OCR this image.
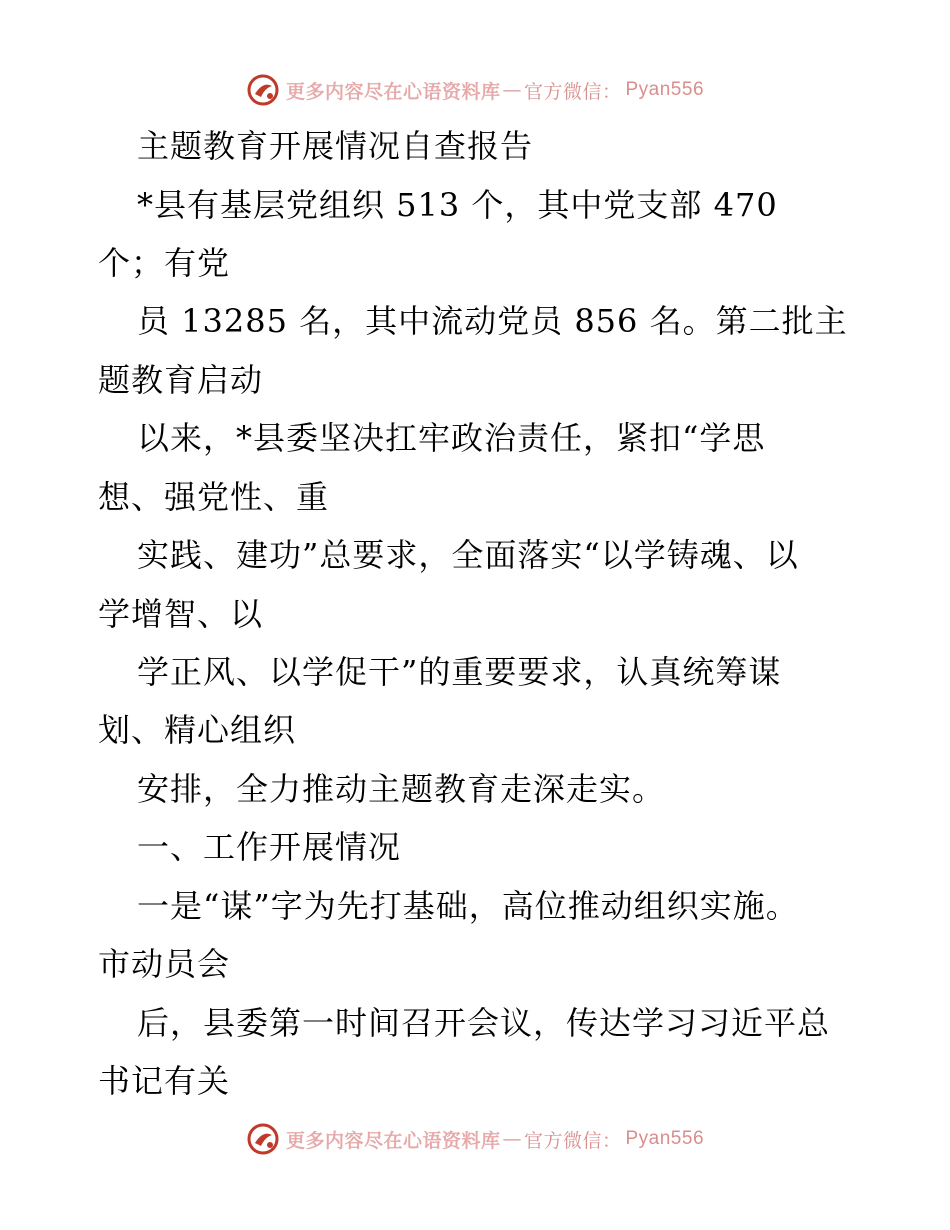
更多内容尽在心语资料库 — 官方微信： Pyan556
主题教育开展情况自查报告
*县有基层党组织 513 个，其中党支部 470
个；有党
员 13285 名，其中流动党员 856 名。第二批主
题教育启动
以来，*县委坚决扛牢政治责任，紧扣“学思
想、强党性、重
实践、建功”总要求，全面落实“以学铸魂、以
学增智、以
学正风、以学促干”的重要要求，认真统筹谋
划、精心组织
安排，全力推动主题教育走深走实。
一、工作开展情况
一是“谋”字为先打基础，高位推动组织实施。
市动员会
后，县委第一时间召开会议，传达学习习近平总
书记有关
更多内容尽在心语资料库 — 官方微信： Pyan556
